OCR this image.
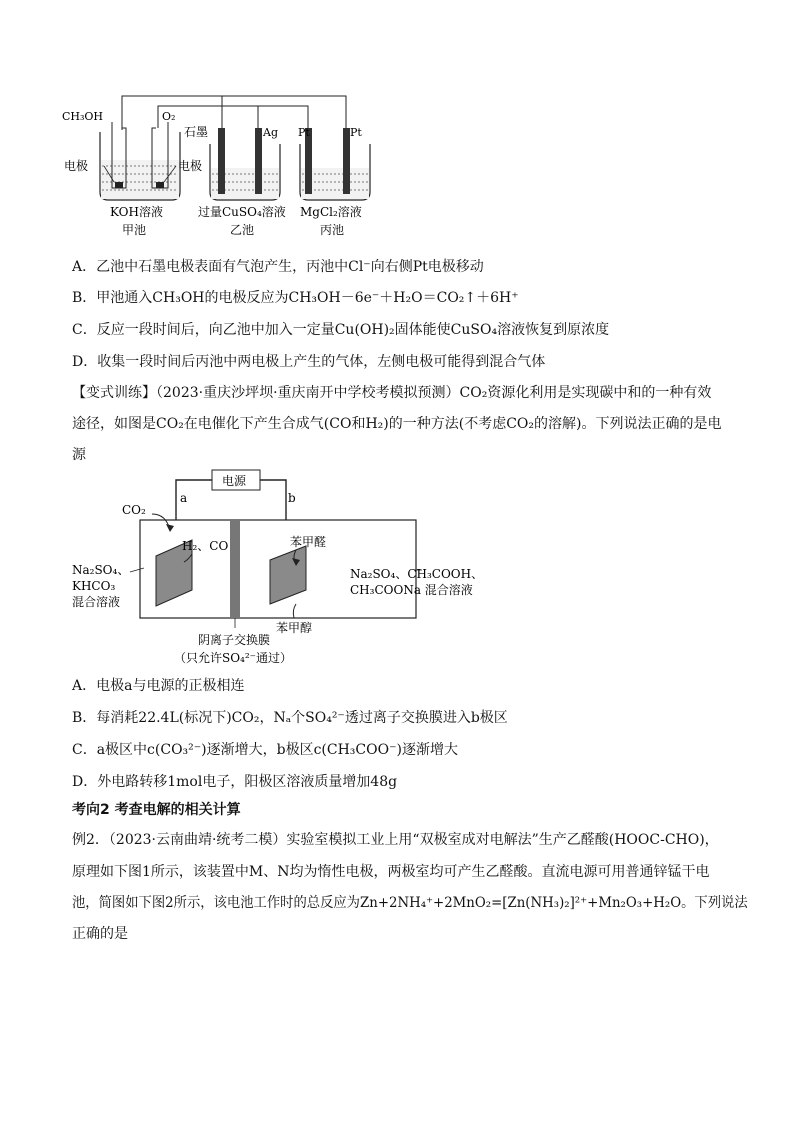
CH₃OH	O₂
电极	电极
石墨	Ag Pt	Pt
KOH溶液
甲池
过量CuSO₄溶液
乙池
MgCl₂溶液
丙池
A．乙池中石墨电极表面有气泡产生，丙池中Cl⁻向右侧Pt电极移动
B．甲池通入CH₃OH的电极反应为CH₃OH－6e⁻＋H₂O＝CO₂↑＋6H⁺
C．反应一段时间后，向乙池中加入一定量Cu(OH)₂固体能使CuSO₄溶液恢复到原浓度
D．收集一段时间后丙池中两电极上产生的气体，左侧电极可能得到混合气体
【变式训练】（2023·重庆沙坪坝·重庆南开中学校考模拟预测）CO₂资源化利用是实现碳中和的一种有效
途径，如图是CO₂在电催化下产生合成气(CO和H₂)的一种方法(不考虑CO₂的溶解)。下列说法正确的是电
源
电源
a	b
CO₂
H₂、CO	苯甲醛
苯甲醇
Na₂SO₄、
KHCO₃
混合溶液
Na₂SO₄、CH₃COOH、
CH₃COONa 混合溶液
阴离子交换膜
（只允许SO₄²⁻通过）
A．电极a与电源的正极相连
B．每消耗22.4L(标况下)CO₂，Nₐ个SO₄²⁻透过离子交换膜进入b极区
C．a极区中c(CO₃²⁻)逐渐增大，b极区c(CH₃COO⁻)逐渐增大
D．外电路转移1mol电子，阳极区溶液质量增加48g
考向2 考查电解的相关计算
例2．（2023·云南曲靖·统考二模）实验室模拟工业上用“双极室成对电解法”生产乙醛酸(HOOC-CHO)，
原理如下图1所示，该装置中M、N均为惰性电极，两极室均可产生乙醛酸。直流电源可用普通锌锰干电
池，简图如下图2所示，该电池工作时的总反应为Zn+2NH₄⁺+2MnO₂=[Zn(NH₃)₂]²⁺+Mn₂O₃+H₂O。下列说法
正确的是
